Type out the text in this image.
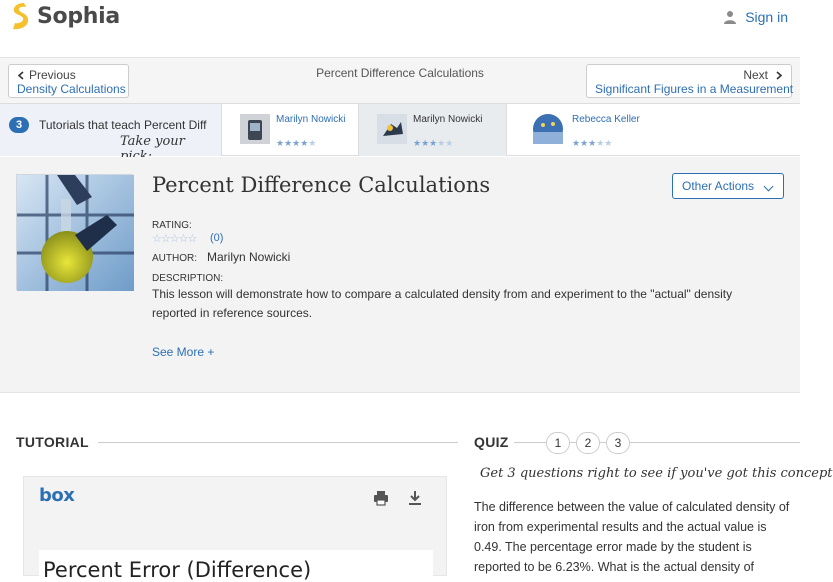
Sophia	Sign in
Previous
Density Calculations
Percent Difference Calculations	Next
Significant Figures in a Measurement
3	Tutorials that teach Percent Diff
Take your
Marilyn Nowicki
★★★★★
Marilyn Nowicki
★★★★★
Rebecca Keller
★★★★★
Percent Difference Calculations	Other Actions
RATING:
☆☆☆☆☆ (0)
AUTHOR: Marilyn Nowicki
DESCRIPTION:
This lesson will demonstrate how to compare a calculated density from and experiment to the "actual" density reported in reference sources.
See More +
TUTORIAL
box
Percent Error (Difference)
QUIZ	1	2	3
Get 3 questions right to see if you've got this concept
The difference between the value of calculated density of iron from experimental results and the actual value is 0.49. The percentage error made by the student is reported to be 6.23%. What is the actual density of
